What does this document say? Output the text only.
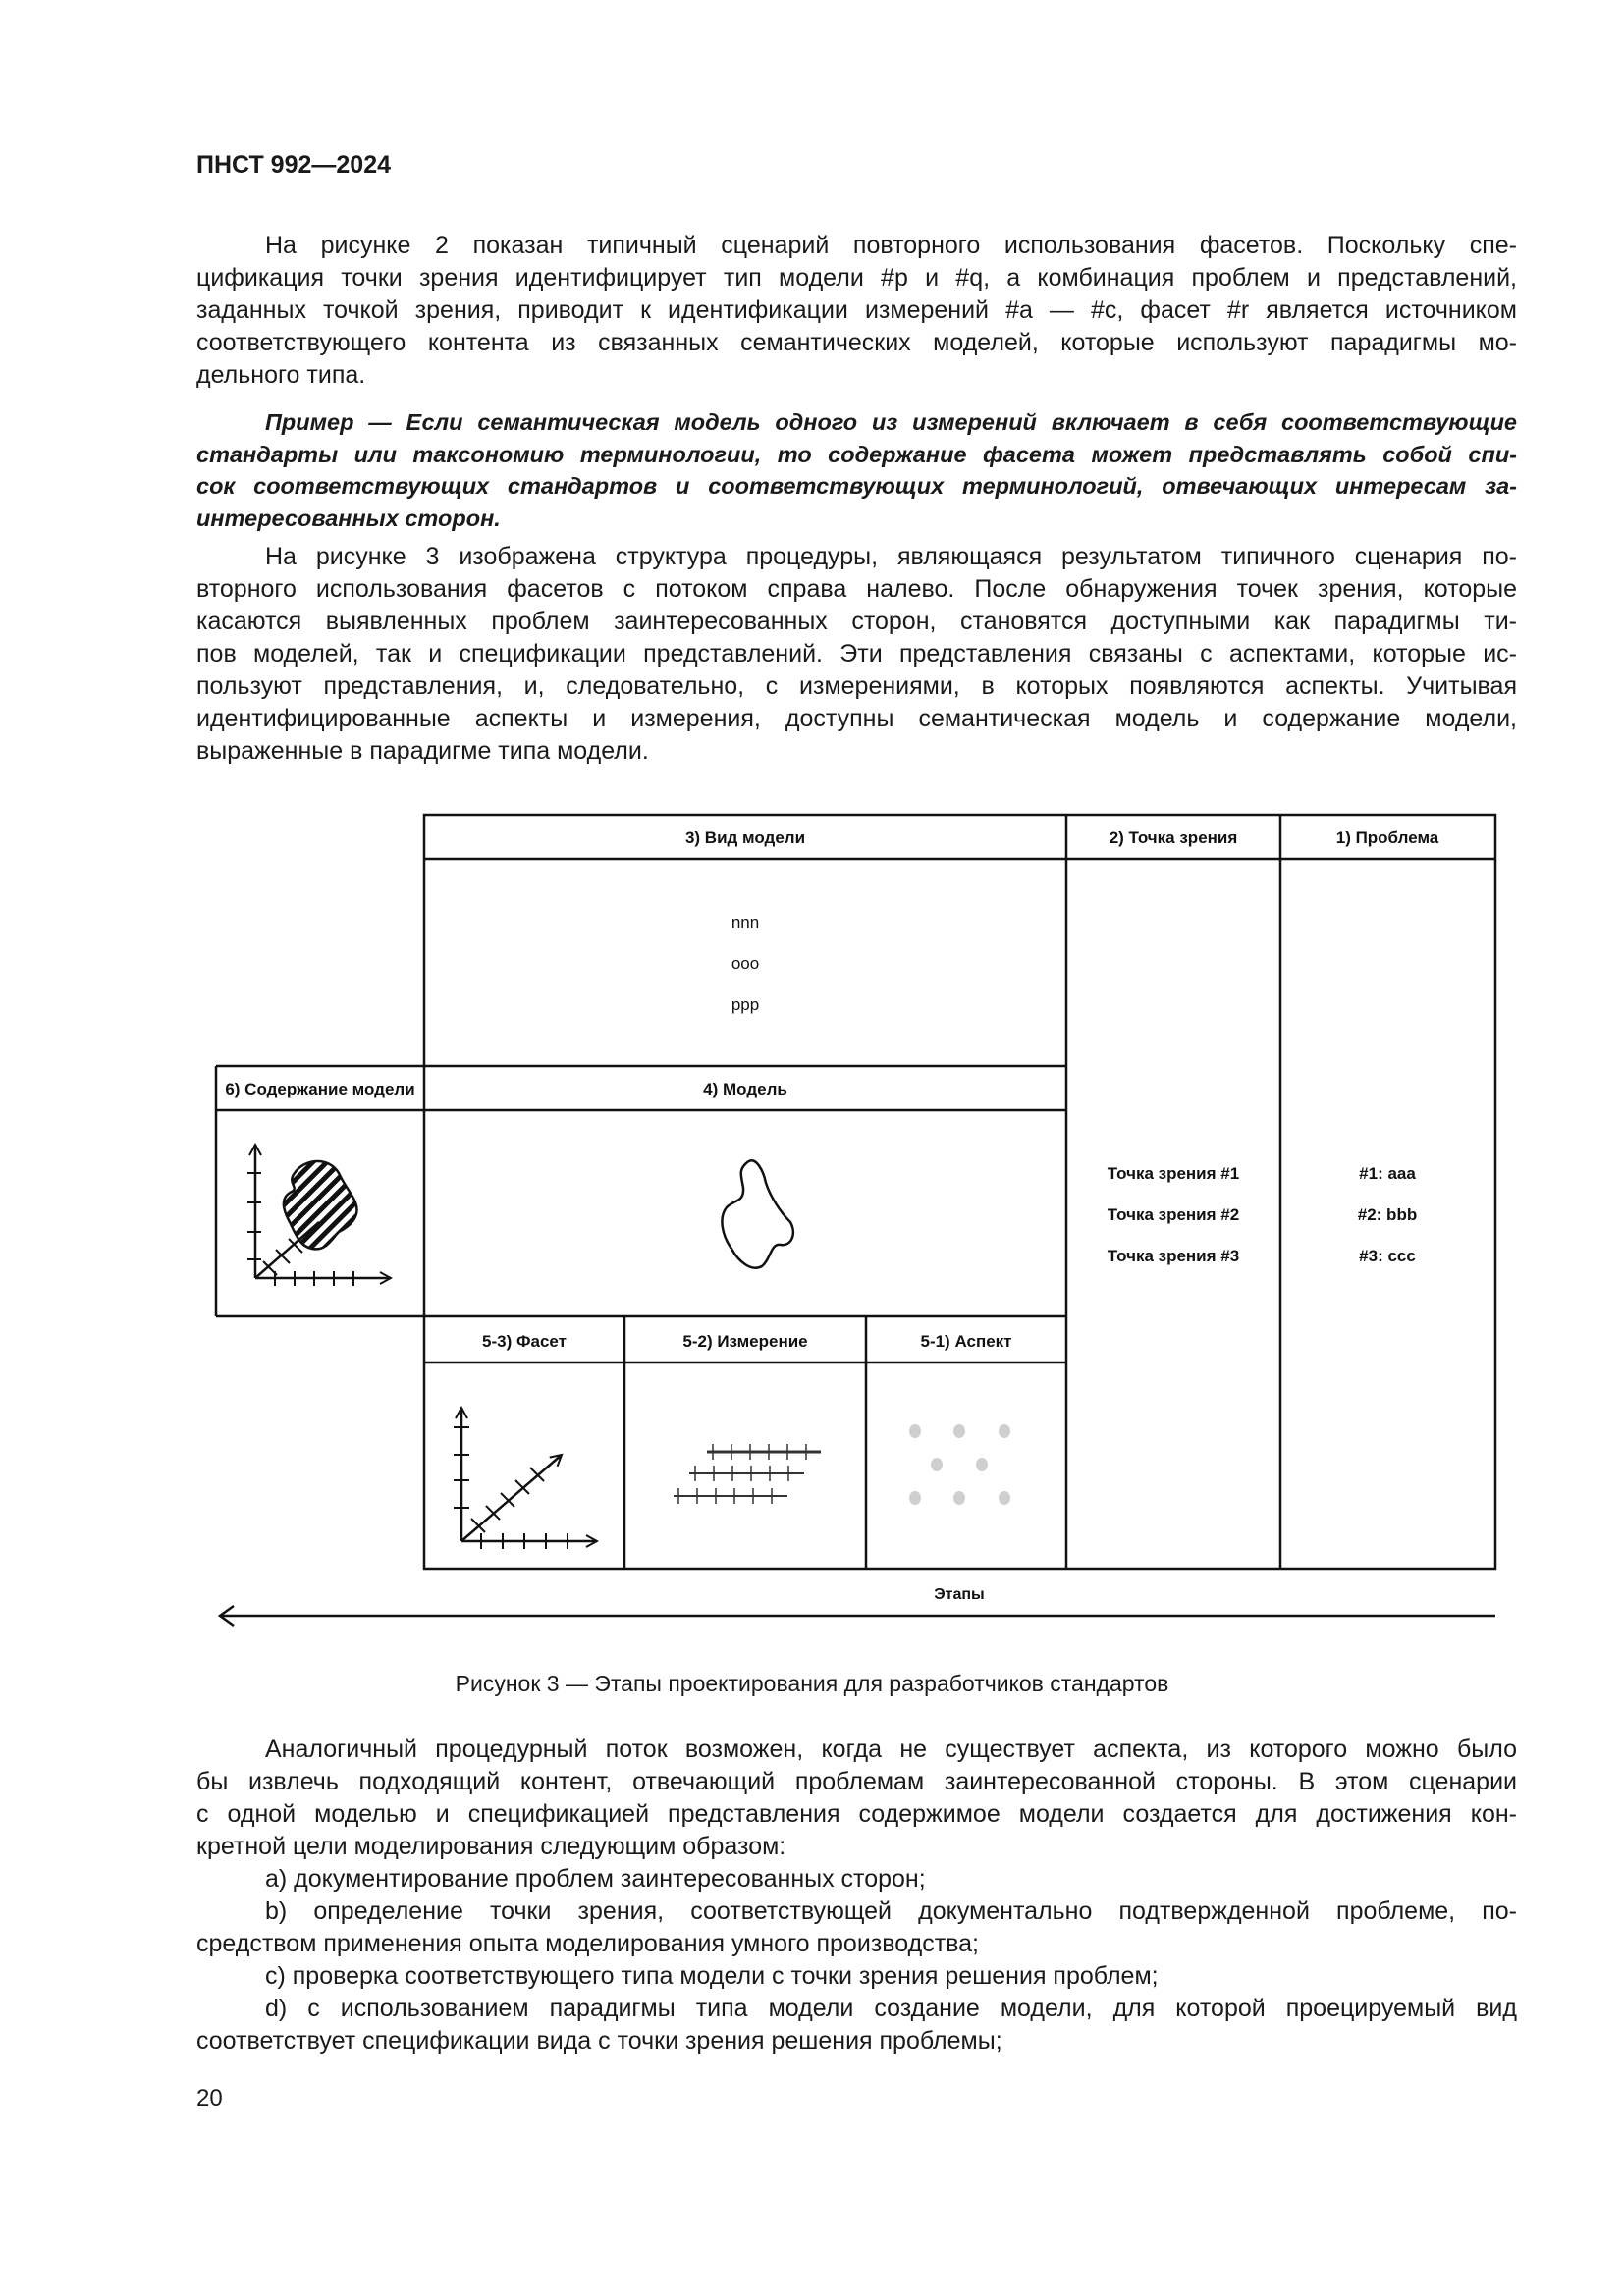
ПНСТ 992—2024
На рисунке 2 показан типичный сценарий повторного использования фасетов. Поскольку спе-
цификация точки зрения идентифицирует тип модели #p и #q, а комбинация проблем и представлений,
заданных точкой зрения, приводит к идентификации измерений #a — #c, фасет #r является источником
соответствующего контента из связанных семантических моделей, которые используют парадигмы мо-
дельного типа.
Пример — Если семантическая модель одного из измерений включает в себя соответствующие
стандарты или таксономию терминологии, то содержание фасета может представлять собой спи-
сок соответствующих стандартов и соответствующих терминологий, отвечающих интересам за-
интересованных сторон.
На рисунке 3 изображена структура процедуры, являющаяся результатом типичного сценария по-
вторного использования фасетов с потоком справа налево. После обнаружения точек зрения, которые
касаются выявленных проблем заинтересованных сторон, становятся доступными как парадигмы ти-
пов моделей, так и спецификации представлений. Эти представления связаны с аспектами, которые ис-
пользуют представления, и, следовательно, с измерениями, в которых появляются аспекты. Учитывая
идентифицированные аспекты и измерения, доступны семантическая модель и содержание модели,
выраженные в парадигме типа модели.
3) Вид модели	2) Точка зрения	1) Проблема
nnn
ooo
ppp
6) Содержание модели	4) Модель
Точка зрения #1
Точка зрения #2
Точка зрения #3
#1: aaa
#2: bbb
#3: ccc
5-3) Фасет	5-2) Измерение	5-1) Аспект
Этапы
Рисунок 3 — Этапы проектирования для разработчиков стандартов
Аналогичный процедурный поток возможен, когда не существует аспекта, из которого можно было
бы извлечь подходящий контент, отвечающий проблемам заинтересованной стороны. В этом сценарии
с одной моделью и спецификацией представления содержимое модели создается для достижения кон-
кретной цели моделирования следующим образом:
a) документирование проблем заинтересованных сторон;
b) определение точки зрения, соответствующей документально подтвержденной проблеме, по-
средством применения опыта моделирования умного производства;
c) проверка соответствующего типа модели с точки зрения решения проблем;
d) с использованием парадигмы типа модели создание модели, для которой проецируемый вид
соответствует спецификации вида с точки зрения решения проблемы;
20
